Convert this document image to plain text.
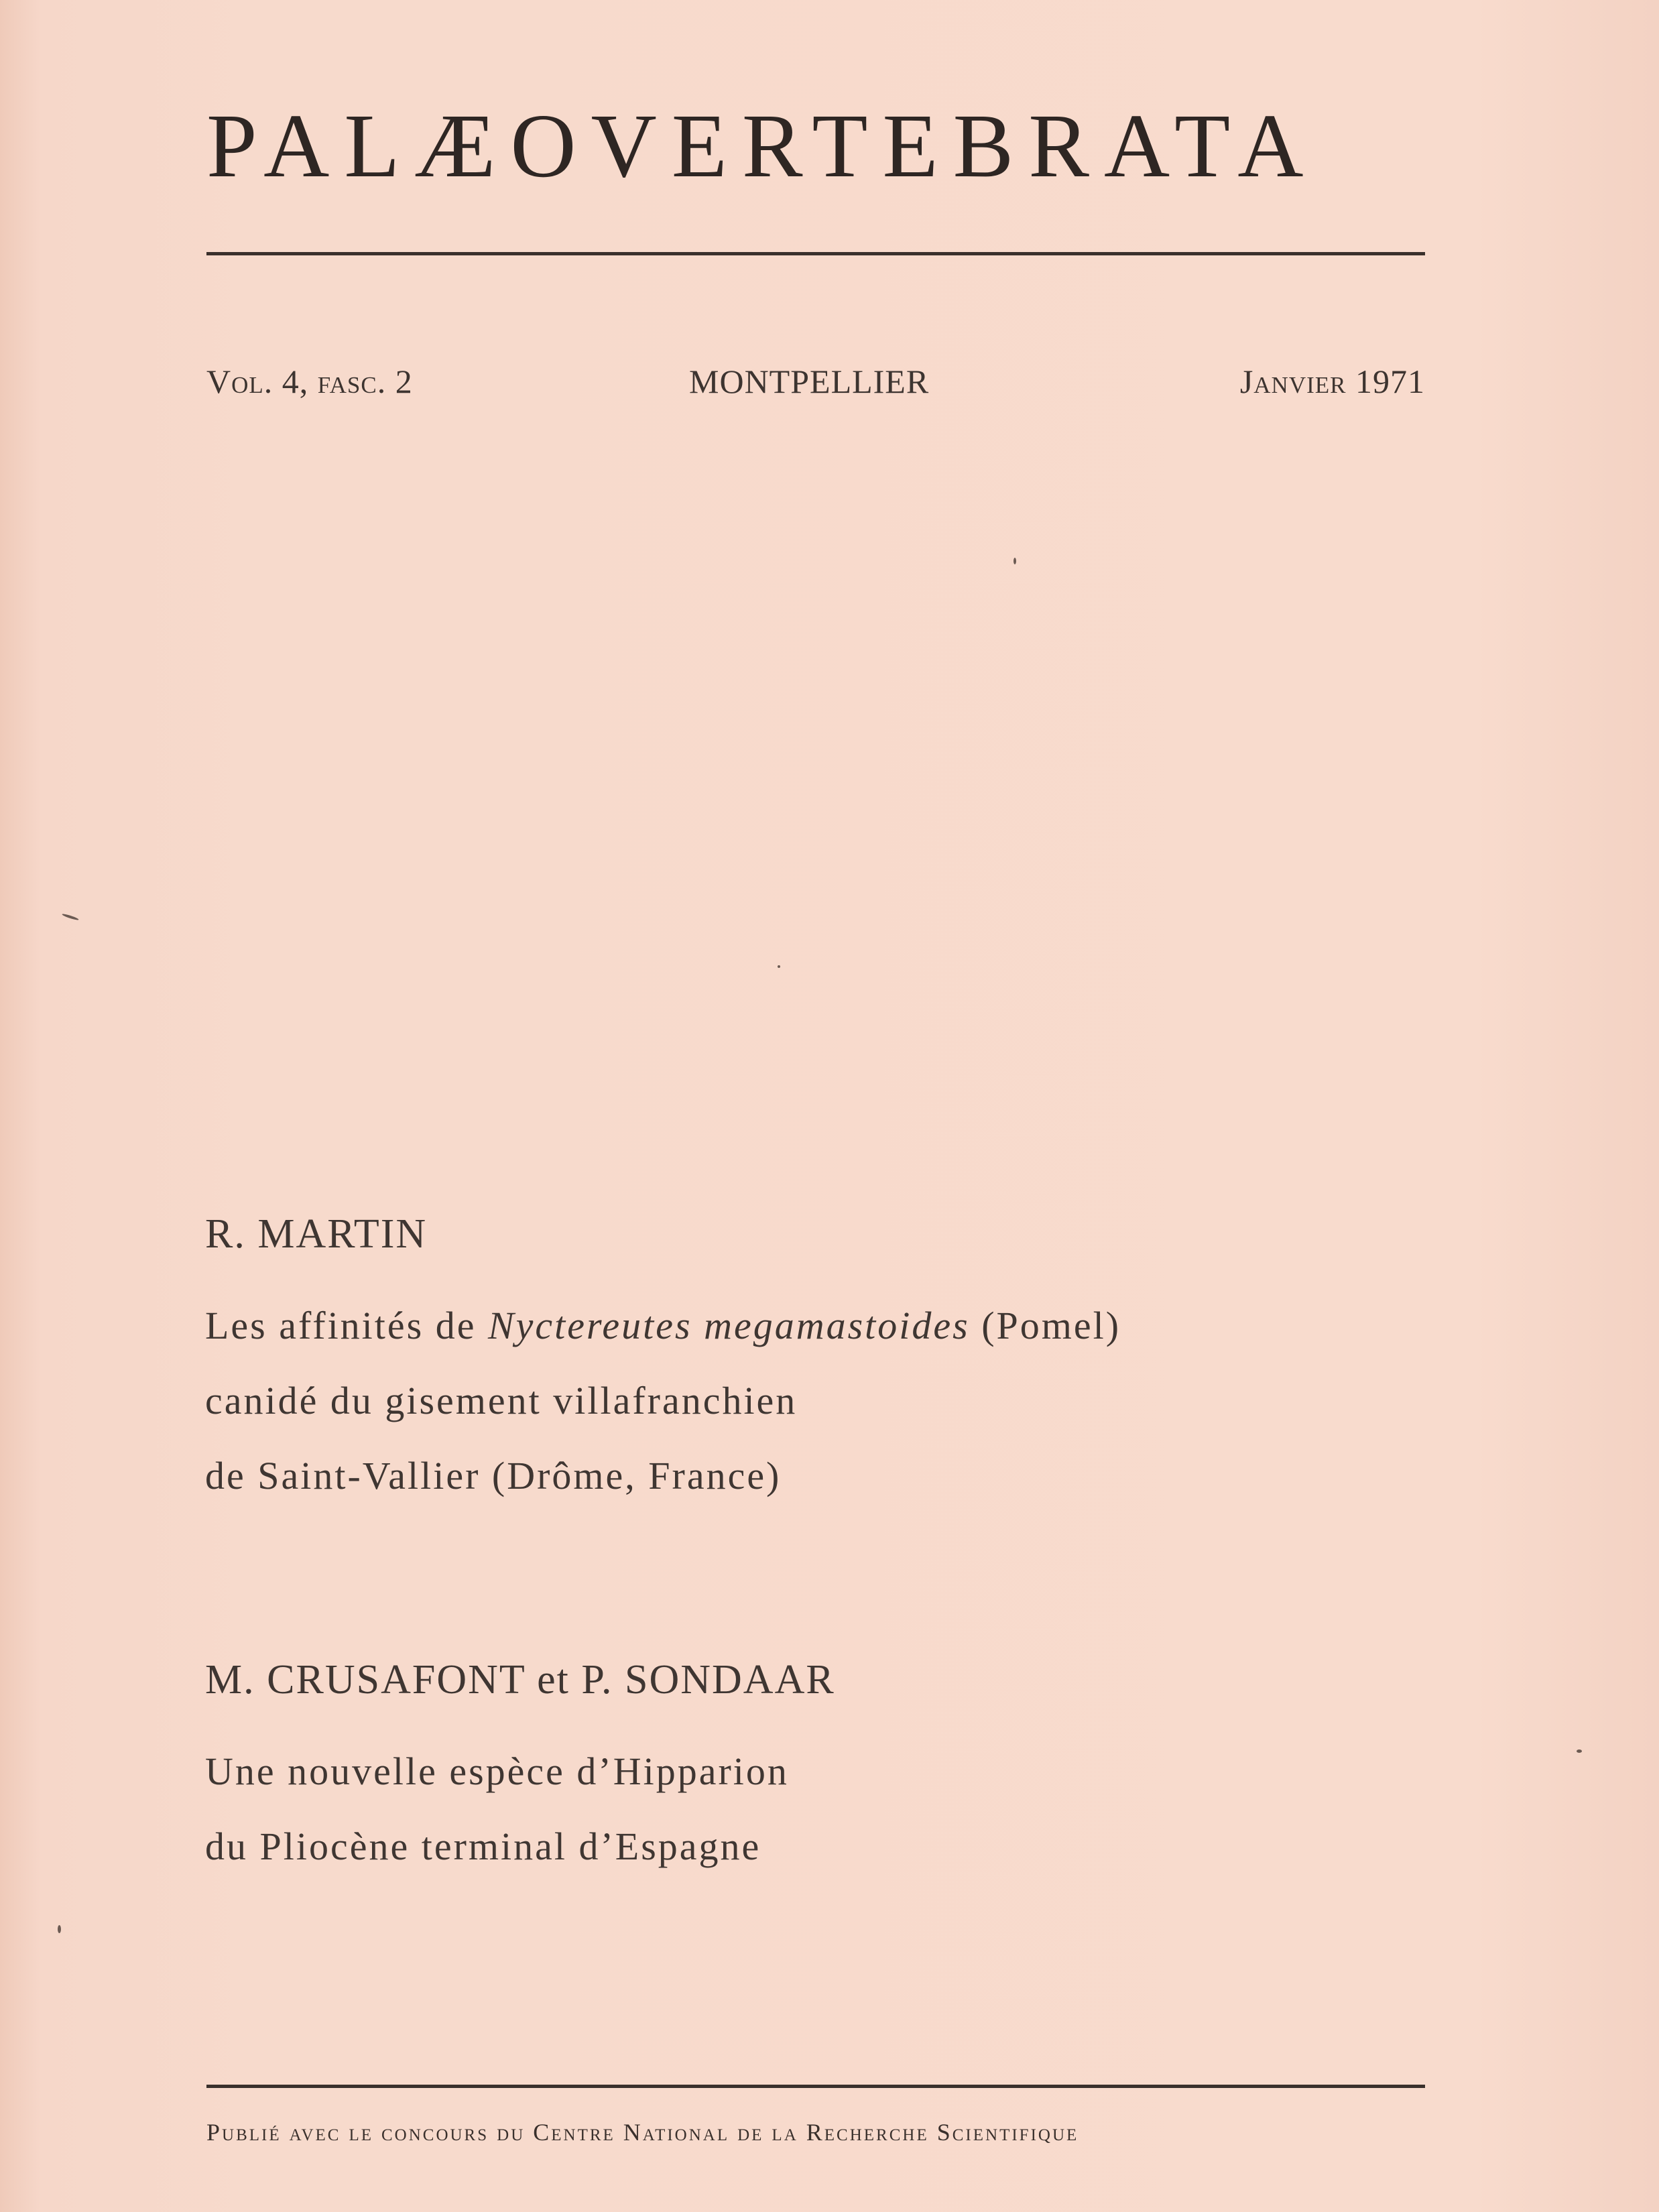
PALÆOVERTEBRATA
Vol. 4, fasc. 2	MONTPELLIER	Janvier 1971

R. MARTIN

Les affinités de Nyctereutes megamastoides (Pomel)

canidé du gisement villafranchien

de Saint-Vallier (Drôme, France)

M. CRUSAFONT et P. SONDAAR

Une nouvelle espèce d’Hipparion

du Pliocène terminal d’Espagne

Publié avec le concours du Centre National de la Recherche Scientifique
